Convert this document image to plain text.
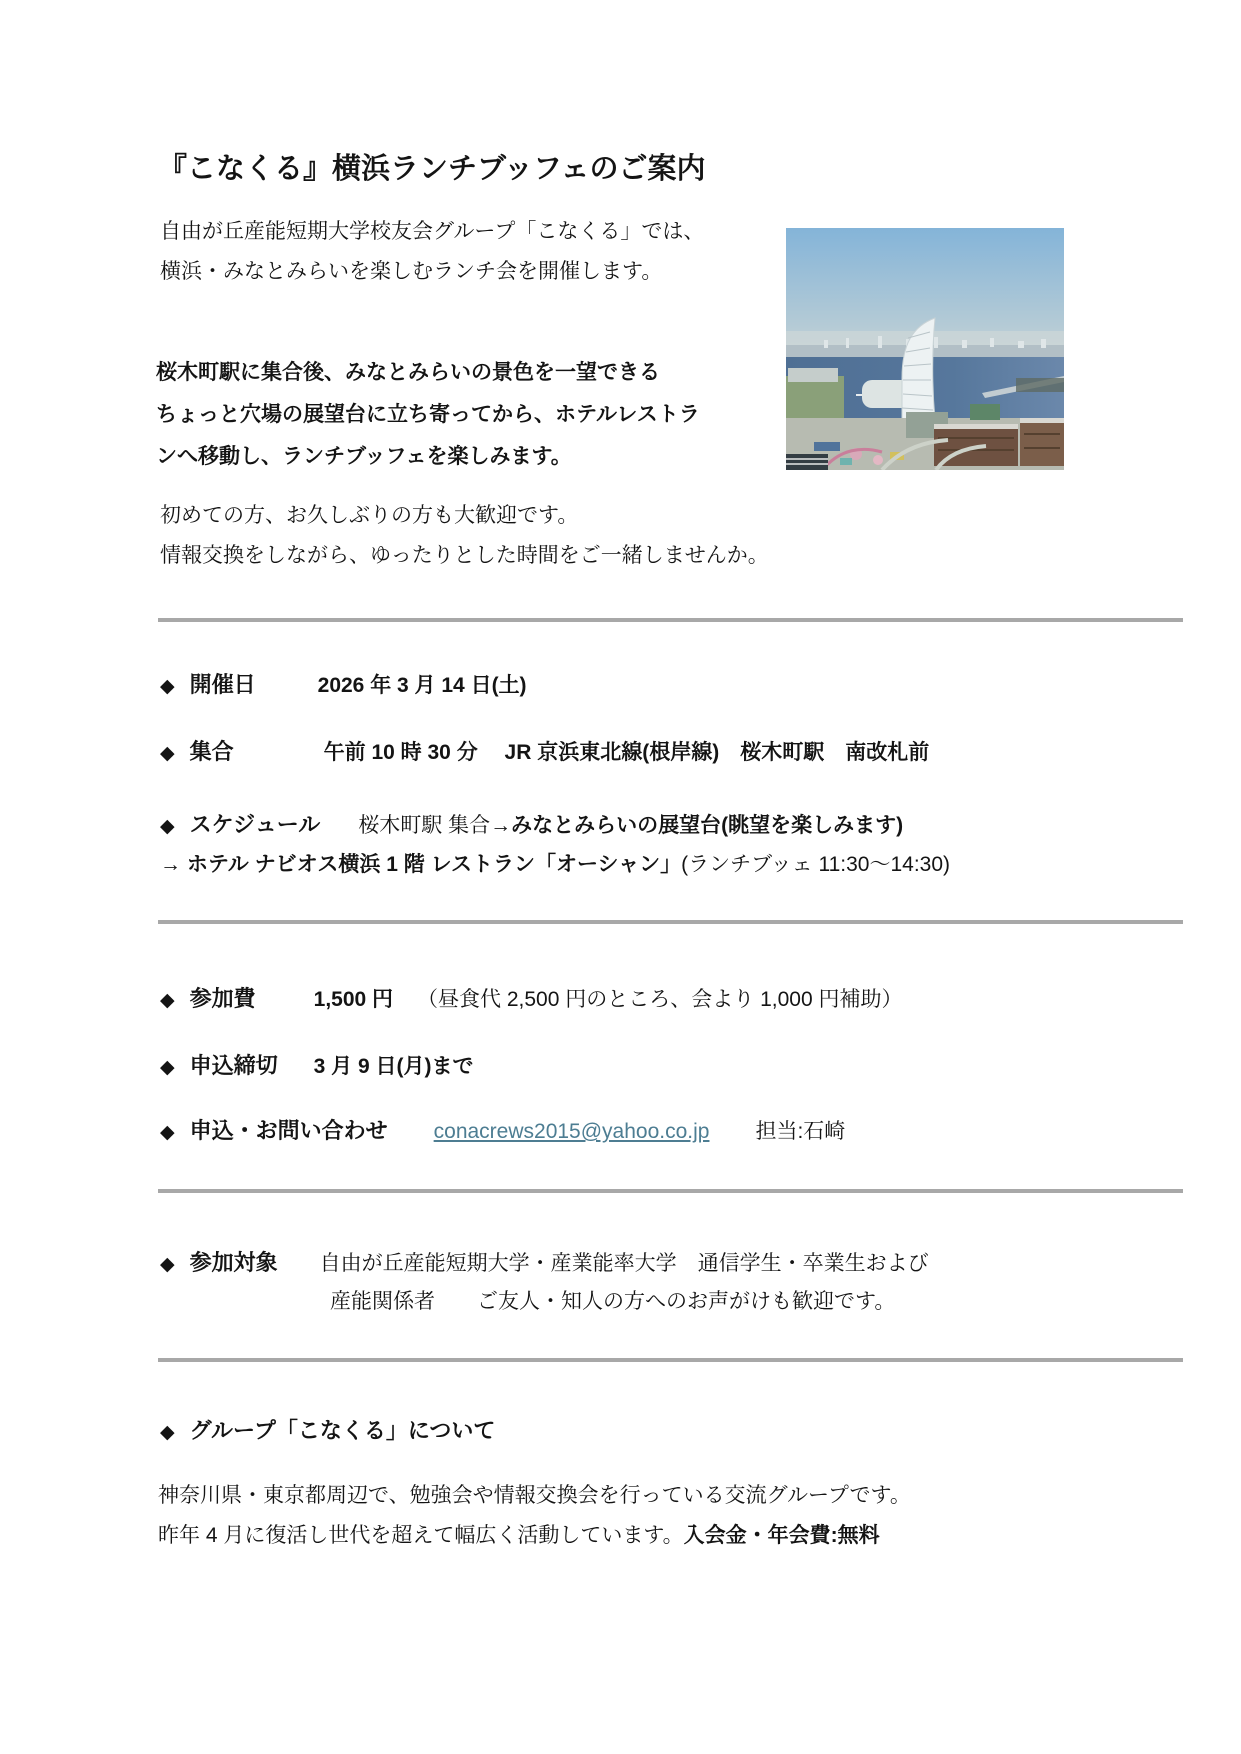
『こなくる』横浜ランチブッフェのご案内
自由が丘産能短期大学校友会グループ「こなくる」では、
横浜・みなとみらいを楽しむランチ会を開催します。
桜木町駅に集合後、みなとみらいの景色を一望できる
ちょっと穴場の展望台に立ち寄ってから、ホテルレストラ
ンへ移動し、ランチブッフェを楽しみます。
初めての方、お久しぶりの方も大歓迎です。
情報交換をしながら、ゆったりとした時間をご一緒しませんか。
◆ 開催日	2026 年 3 月 14 日(土)
◆ 集合	午前 10 時 30 分　 JR 京浜東北線(根岸線)　桜木町駅　南改札前
◆ スケジュール 桜木町駅 集合→ みなとみらいの展望台(眺望を楽しみます)
→ ホテル ナビオス横浜 1 階 レストラン「オーシャン」 (ランチブッェ 11:30～14:30)
◆ 参加費	1,500 円 （昼食代 2,500 円のところ、会より 1,000 円補助）
◆ 申込締切 3 月 9 日(月)まで
◆ 申込・お問い合わせ conacrews2015@yahoo.co.jp 担当:石崎
◆ 参加対象 自由が丘産能短期大学・産業能率大学　通信学生・卒業生および
産能関係者　　ご友人・知人の方へのお声がけも歓迎です。
◆ グループ「こなくる」について
神奈川県・東京都周辺で、勉強会や情報交換会を行っている交流グループです。
昨年 4 月に復活し世代を超えて幅広く活動しています。入会金・年会費:無料
